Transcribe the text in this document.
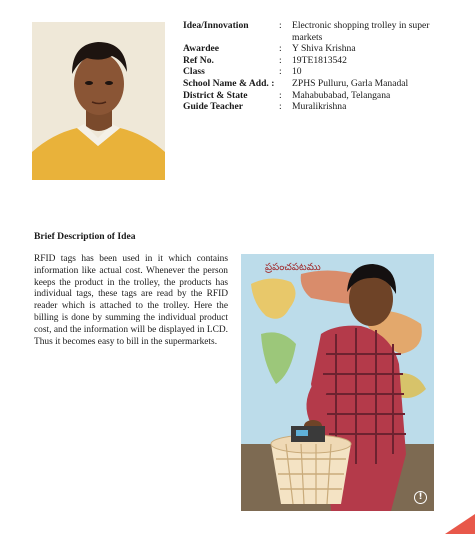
Idea/Innovation	:	Electronic shopping trolley in super markets
Awardee	:	Y Shiva Krishna
Ref No.	:	19TE1813542
Class	:	10
School Name & Add. :	ZPHS Pulluru, Garla Manadal
District & State	:	Mahabubabad, Telangana
Guide Teacher	:	Muralikrishna
Brief Description of Idea
RFID tags has been used in it which contains information like actual cost. Whenever the person keeps the product in the trolley, the products has individual tags, these tags are read by the RFID reader which is attached to the trolley. Here the billing is done by summing the individual product cost, and the information will be displayed in LCD. Thus it becomes easy to bill in the supermarkets.
ప్రపంచపటము
!
